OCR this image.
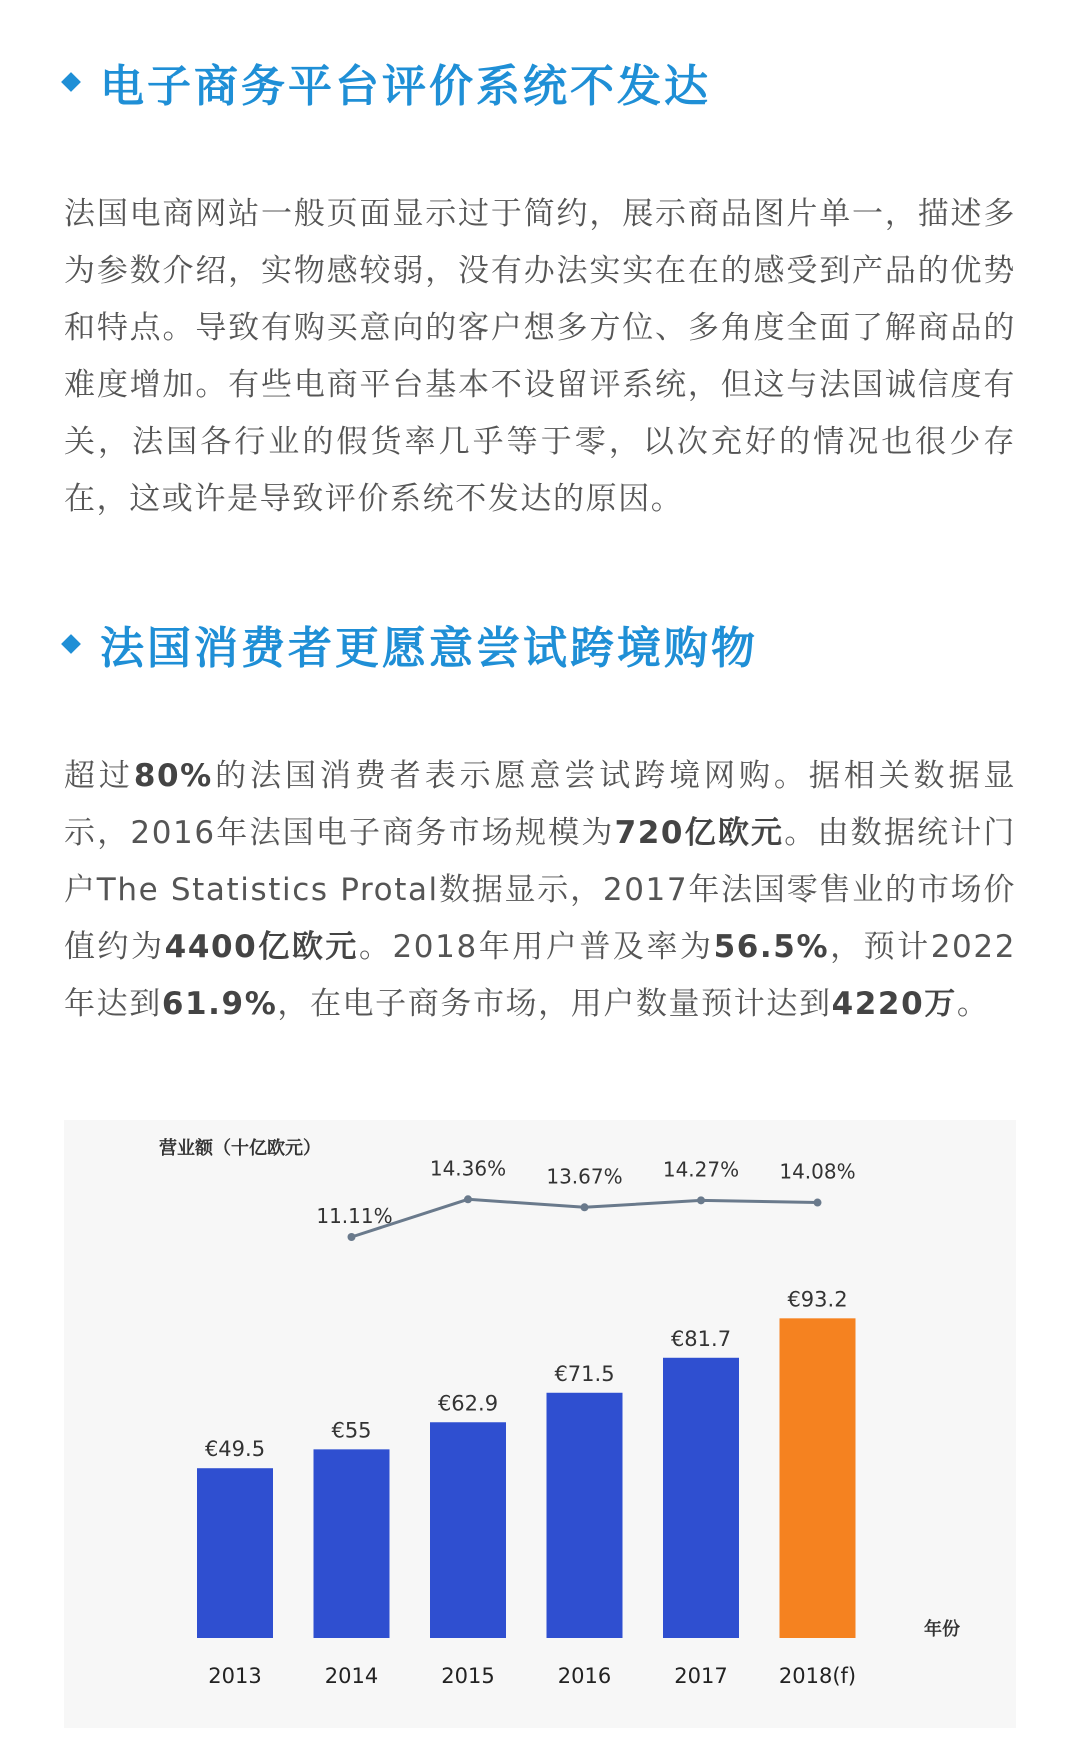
电子商务平台评价系统不发达

法国电商网站一般页面显示过于简约，展示商品图片单一，描述多为参数介绍，实物感较弱，没有办法实实在在的感受到产品的优势和特点。导致有购买意向的客户想多方位、多角度全面了解商品的难度增加。有些电商平台基本不设留评系统，但这与法国诚信度有关，法国各行业的假货率几乎等于零，以次充好的情况也很少存在，这或许是导致评价系统不发达的原因。

法国消费者更愿意尝试跨境购物

超过80%的法国消费者表示愿意尝试跨境网购。据相关数据显示，2016年法国电子商务市场规模为720亿欧元。由数据统计门户The Statistics Protal数据显示，2017年法国零售业的市场价值约为4400亿欧元。2018年用户普及率为56.5%，预计2022年达到61.9%，在电子商务市场，用户数量预计达到4220万。

营业额（十亿欧元）
年份
€49.5
2013
€55
2014
€62.9
2015
€71.5
2016
€81.7
2017
€93.2
2018(f)
11.11%
14.36% 13.67% 14.27% 14.08%
